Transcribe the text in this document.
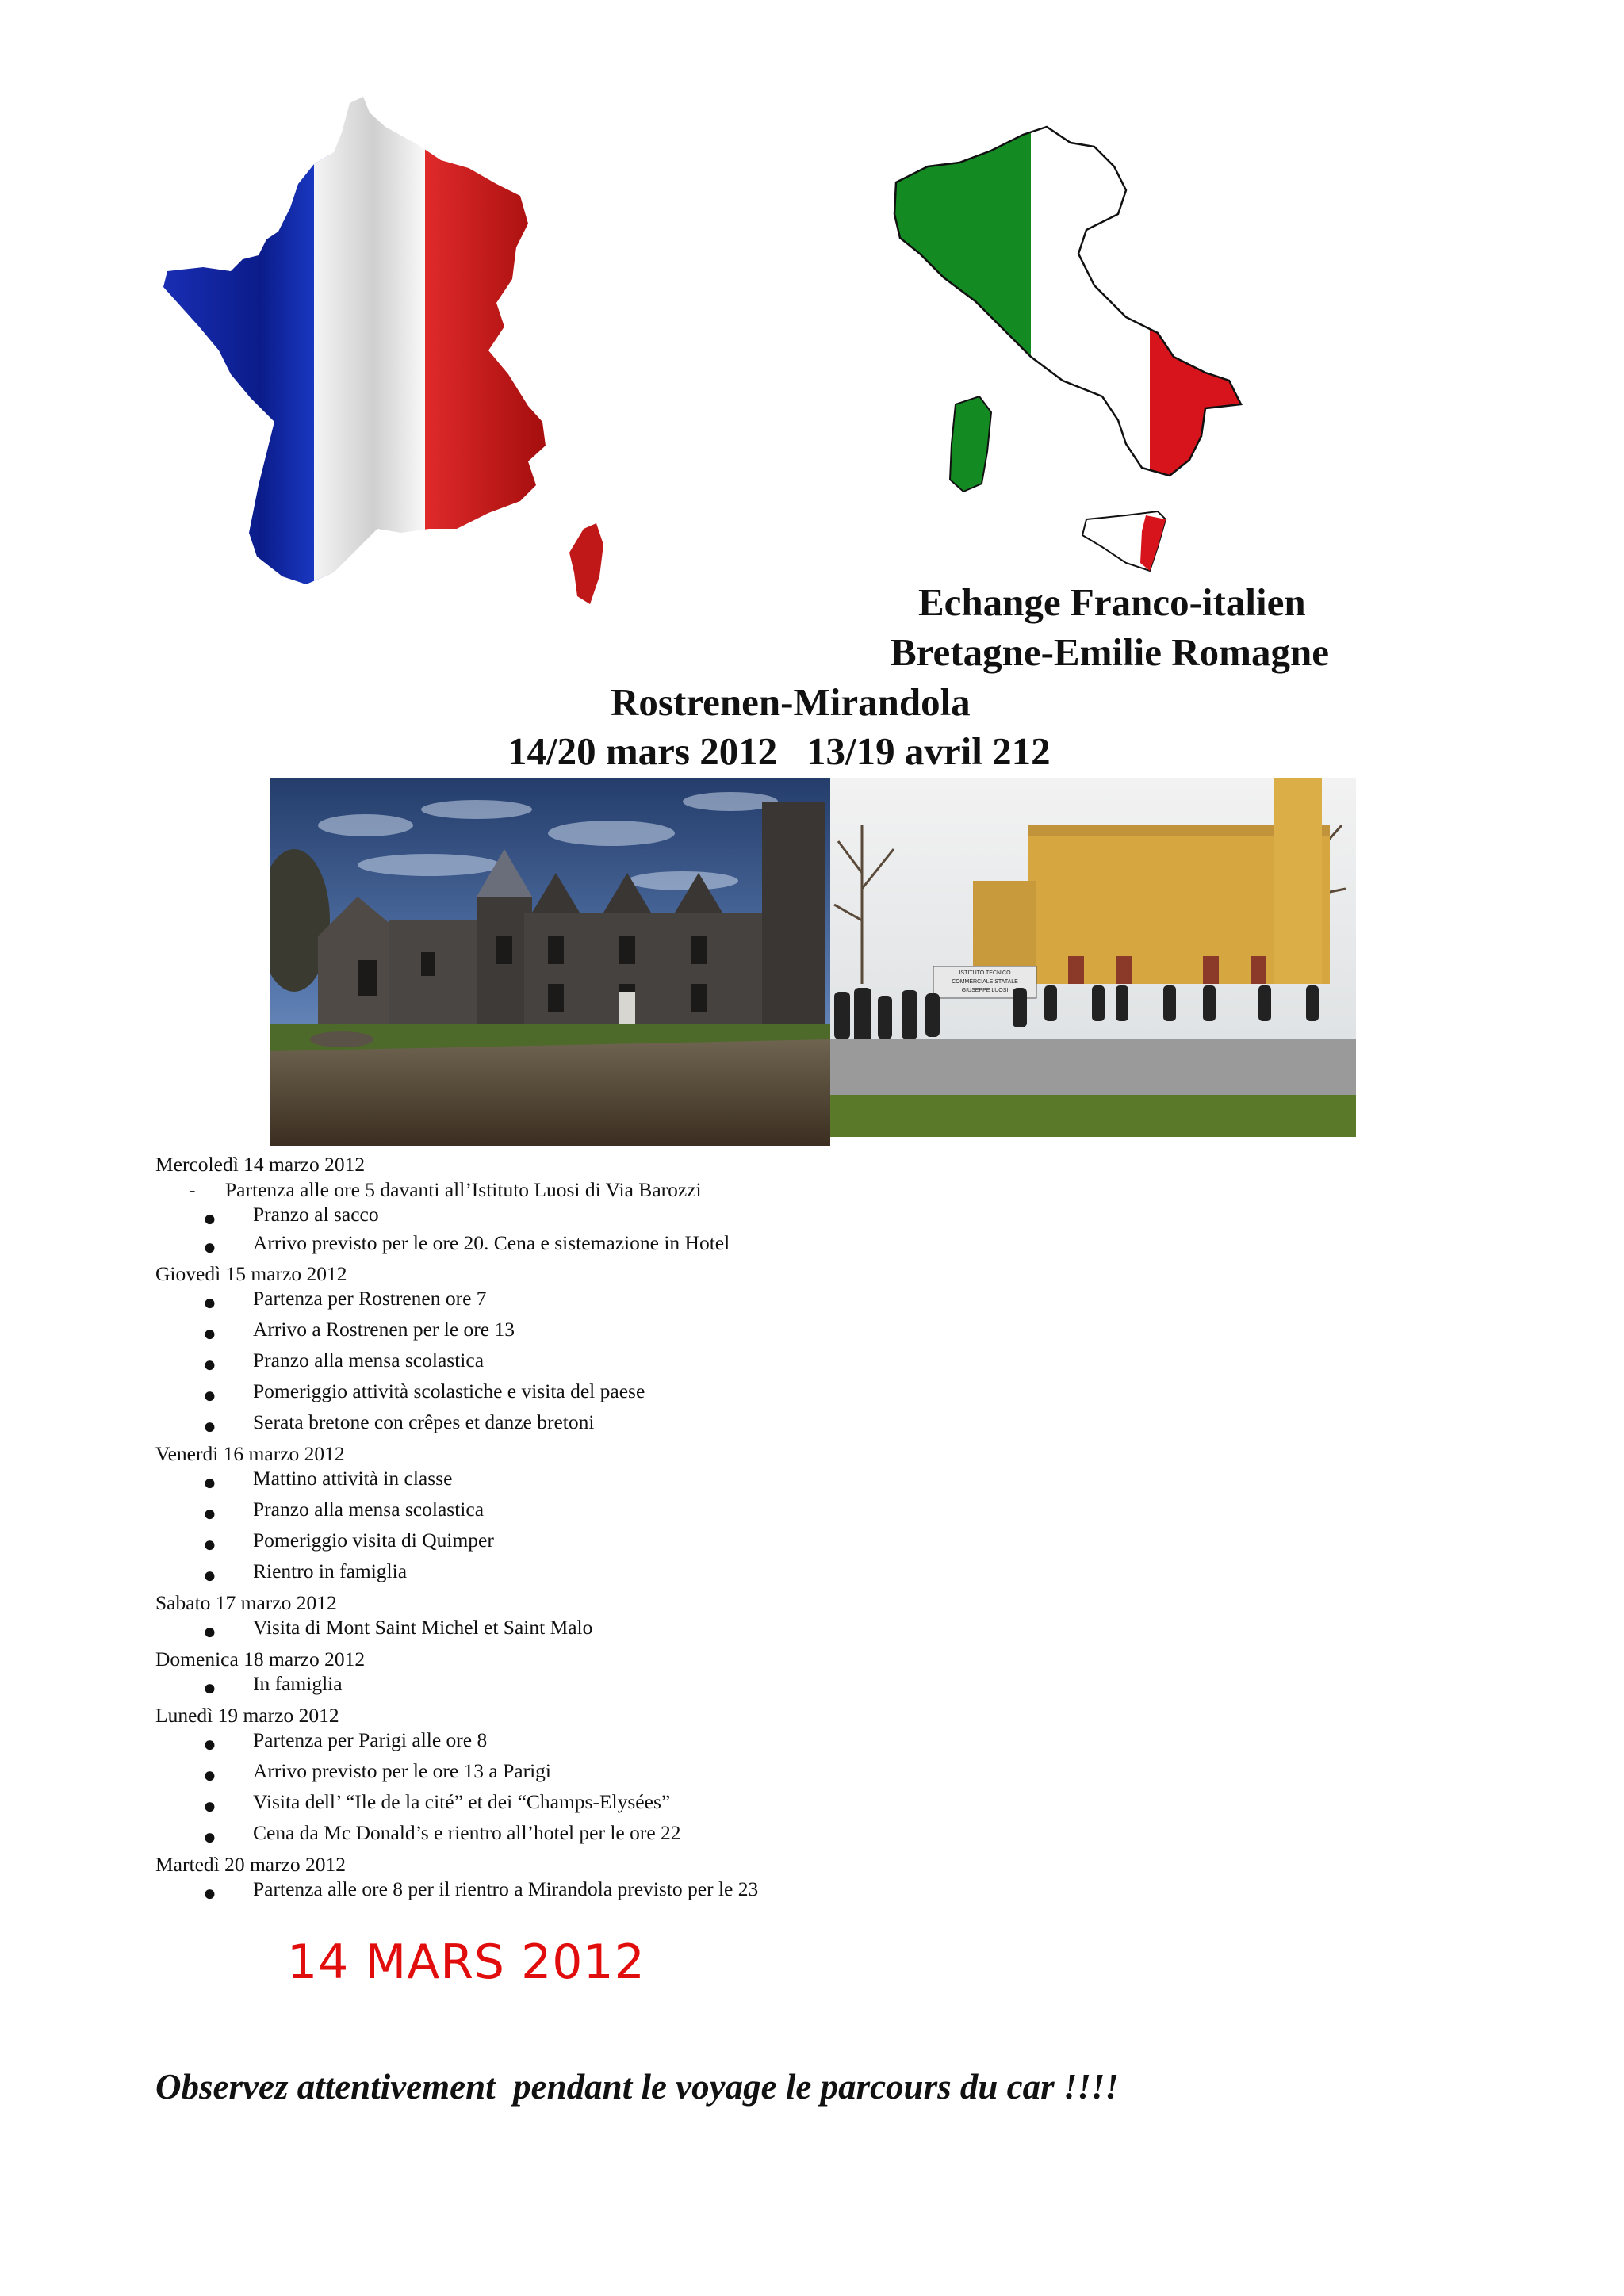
Echange Franco-italien
Bretagne-Emilie Romagne
Rostrenen-Mirandola
14/20 mars 2012   13/19 avril 212
ISTITUTO TECNICO
COMMERCIALE STATALE
GIUSEPPE LUOSI
Mercoledì 14 marzo 2012
- Partenza alle ore 5 davanti all’Istituto Luosi di Via Barozzi
● Pranzo al sacco
● Arrivo previsto per le ore 20. Cena e sistemazione in Hotel
Giovedì 15 marzo 2012
● Partenza per Rostrenen ore 7
● Arrivo a Rostrenen per le ore 13
● Pranzo alla mensa scolastica
● Pomeriggio attività scolastiche e visita del paese
● Serata bretone con crêpes et danze bretoni
Venerdi 16 marzo 2012
● Mattino attività in classe
● Pranzo alla mensa scolastica
● Pomeriggio visita di Quimper
● Rientro in famiglia
Sabato 17 marzo 2012
● Visita di Mont Saint Michel et Saint Malo
Domenica 18 marzo 2012
● In famiglia
Lunedì 19 marzo 2012
● Partenza per Parigi alle ore 8
● Arrivo previsto per le ore 13 a Parigi
● Visita dell’ “Ile de la cité” et dei “Champs-Elysées”
● Cena da Mc Donald’s e rientro all’hotel per le ore 22
Martedì 20 marzo 2012
● Partenza alle ore 8 per il rientro a Mirandola previsto per le 23
14 MARS 2012
Observez attentivement  pendant le voyage le parcours du car !!!!
